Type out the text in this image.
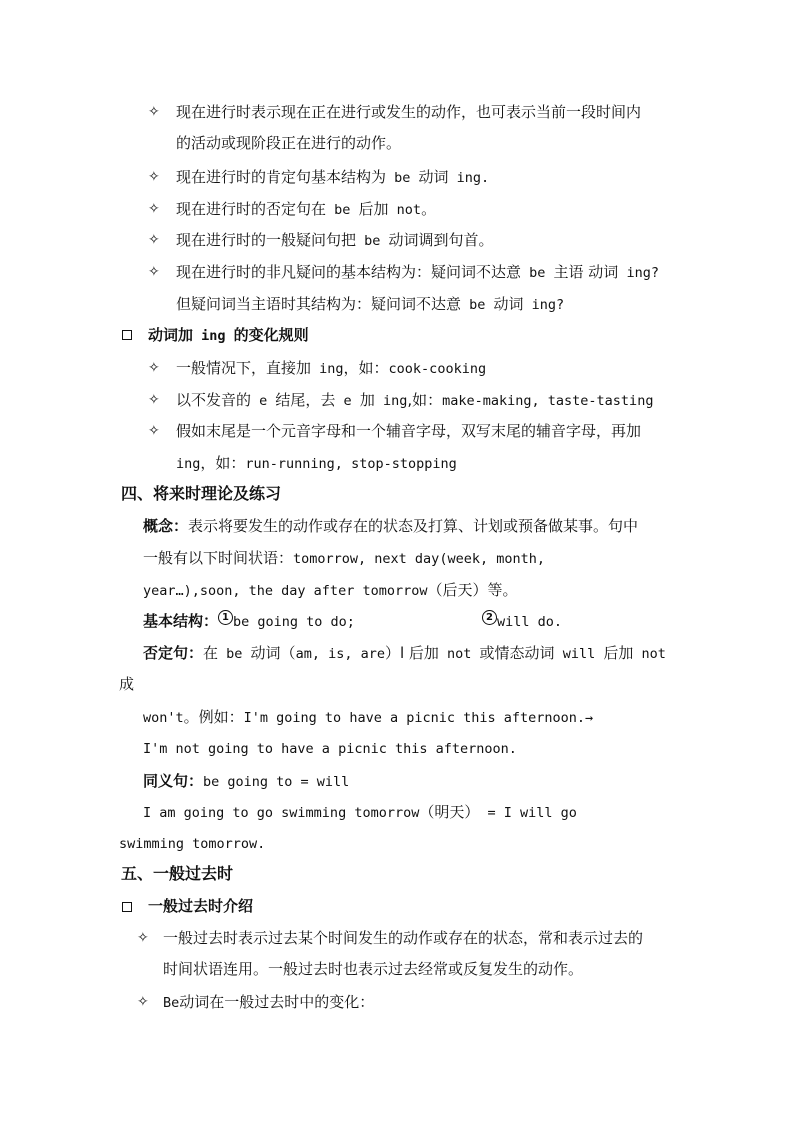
✧ 现在进行时表示现在正在进行或发生的动作，也可表示当前一段时间内
的活动或现阶段正在进行的动作。
✧ 现在进行时的肯定句基本结构为 be 动词 ing.
✧ 现在进行时的否定句在 be 后加 not。
✧ 现在进行时的一般疑问句把 be 动词调到句首。
✧ 现在进行时的非凡疑问的基本结构为：疑问词不达意 be 主语 动词 ing?
但疑问词当主语时其结构为：疑问词不达意 be 动词 ing?
动词加 ing 的变化规则
✧ 一般情况下，直接加 ing，如：cook-cooking
✧ 以不发音的 e 结尾，去 e 加 ing,如：make-making, taste-tasting
✧ 假如末尾是一个元音字母和一个辅音字母，双写末尾的辅音字母，再加
ing，如：run-running, stop-stopping
四、将来时理论及练习
概念：表示将要发生的动作或存在的状态及打算、计划或预备做某事。句中
一般有以下时间状语：tomorrow, next day(week, month,
year…),soon, the day after tomorrow（后天）等。
基本结构： 1 be going to do;	2 will do.
否定句：在 be 动词（am, is, are）l 后加 not 或情态动词 will 后加 not
成
won't。例如：I'm going to have a picnic this afternoon.→
I'm not going to have a picnic this afternoon.
同义句：be going to = will
I am going to go swimming tomorrow（明天） = I will go
swimming tomorrow.
五、一般过去时
一般过去时介绍
✧ 一般过去时表示过去某个时间发生的动作或存在的状态，常和表示过去的
时间状语连用。一般过去时也表示过去经常或反复发生的动作。
✧ Be动词在一般过去时中的变化：
